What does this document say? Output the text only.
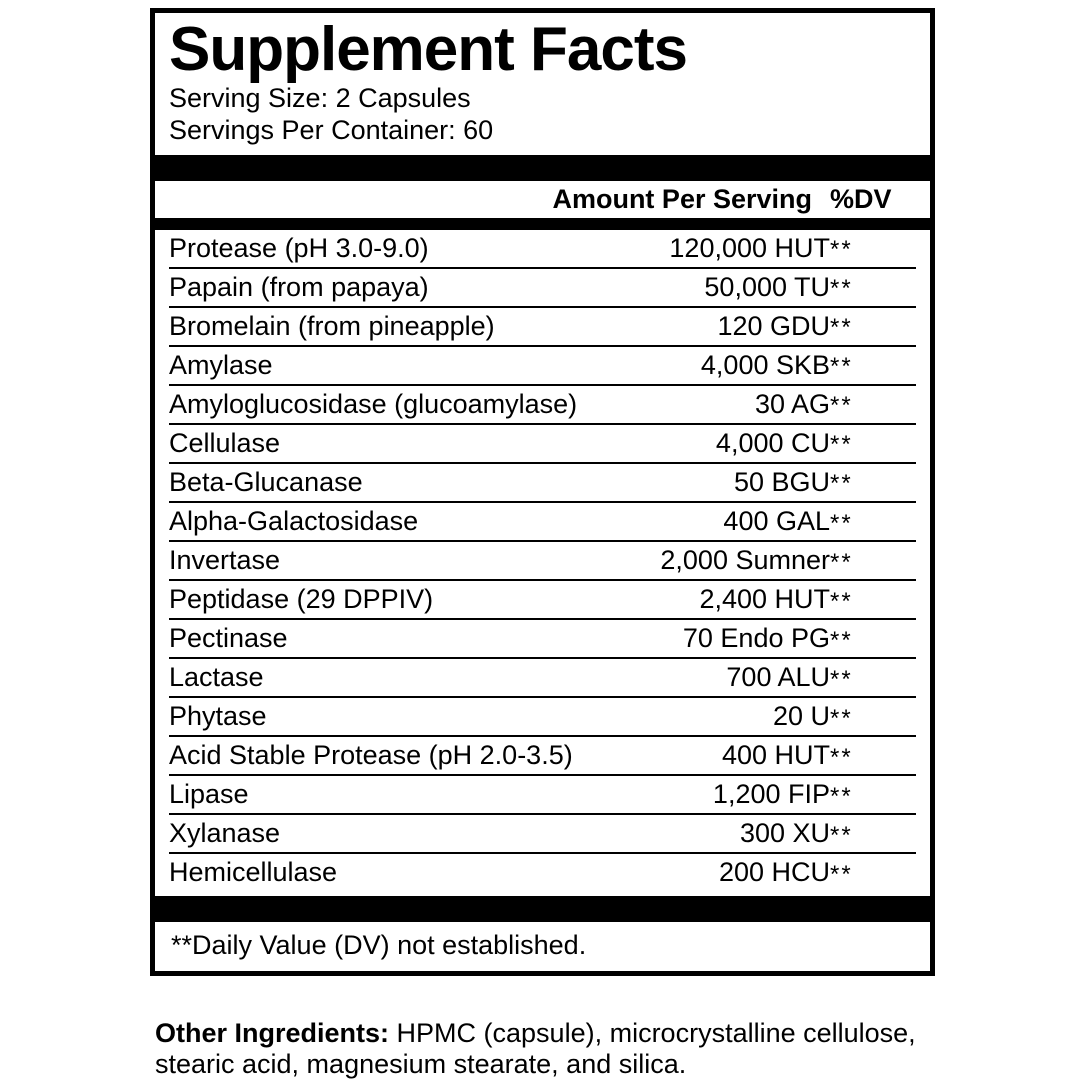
Supplement Facts
Serving Size: 2 Capsules
Servings Per Container: 60
Amount Per Serving %DV
Protease (pH 3.0-9.0)	120,000 HUT	**
Papain (from papaya)	50,000 TU	**
Bromelain (from pineapple)	120 GDU	**
Amylase	4,000 SKB	**
Amyloglucosidase (glucoamylase)	30 AG	**
Cellulase	4,000 CU	**
Beta-Glucanase	50 BGU	**
Alpha-Galactosidase	400 GAL	**
Invertase	2,000 Sumner	**
Peptidase (29 DPPIV)	2,400 HUT	**
Pectinase	70 Endo PG	**
Lactase	700 ALU	**
Phytase	20 U	**
Acid Stable Protease (pH 2.0-3.5)	400 HUT	**
Lipase	1,200 FIP	**
Xylanase	300 XU	**
Hemicellulase	200 HCU	**
**Daily Value (DV) not established.
Other Ingredients: HPMC (capsule), microcrystalline cellulose, stearic acid, magnesium stearate, and silica.
